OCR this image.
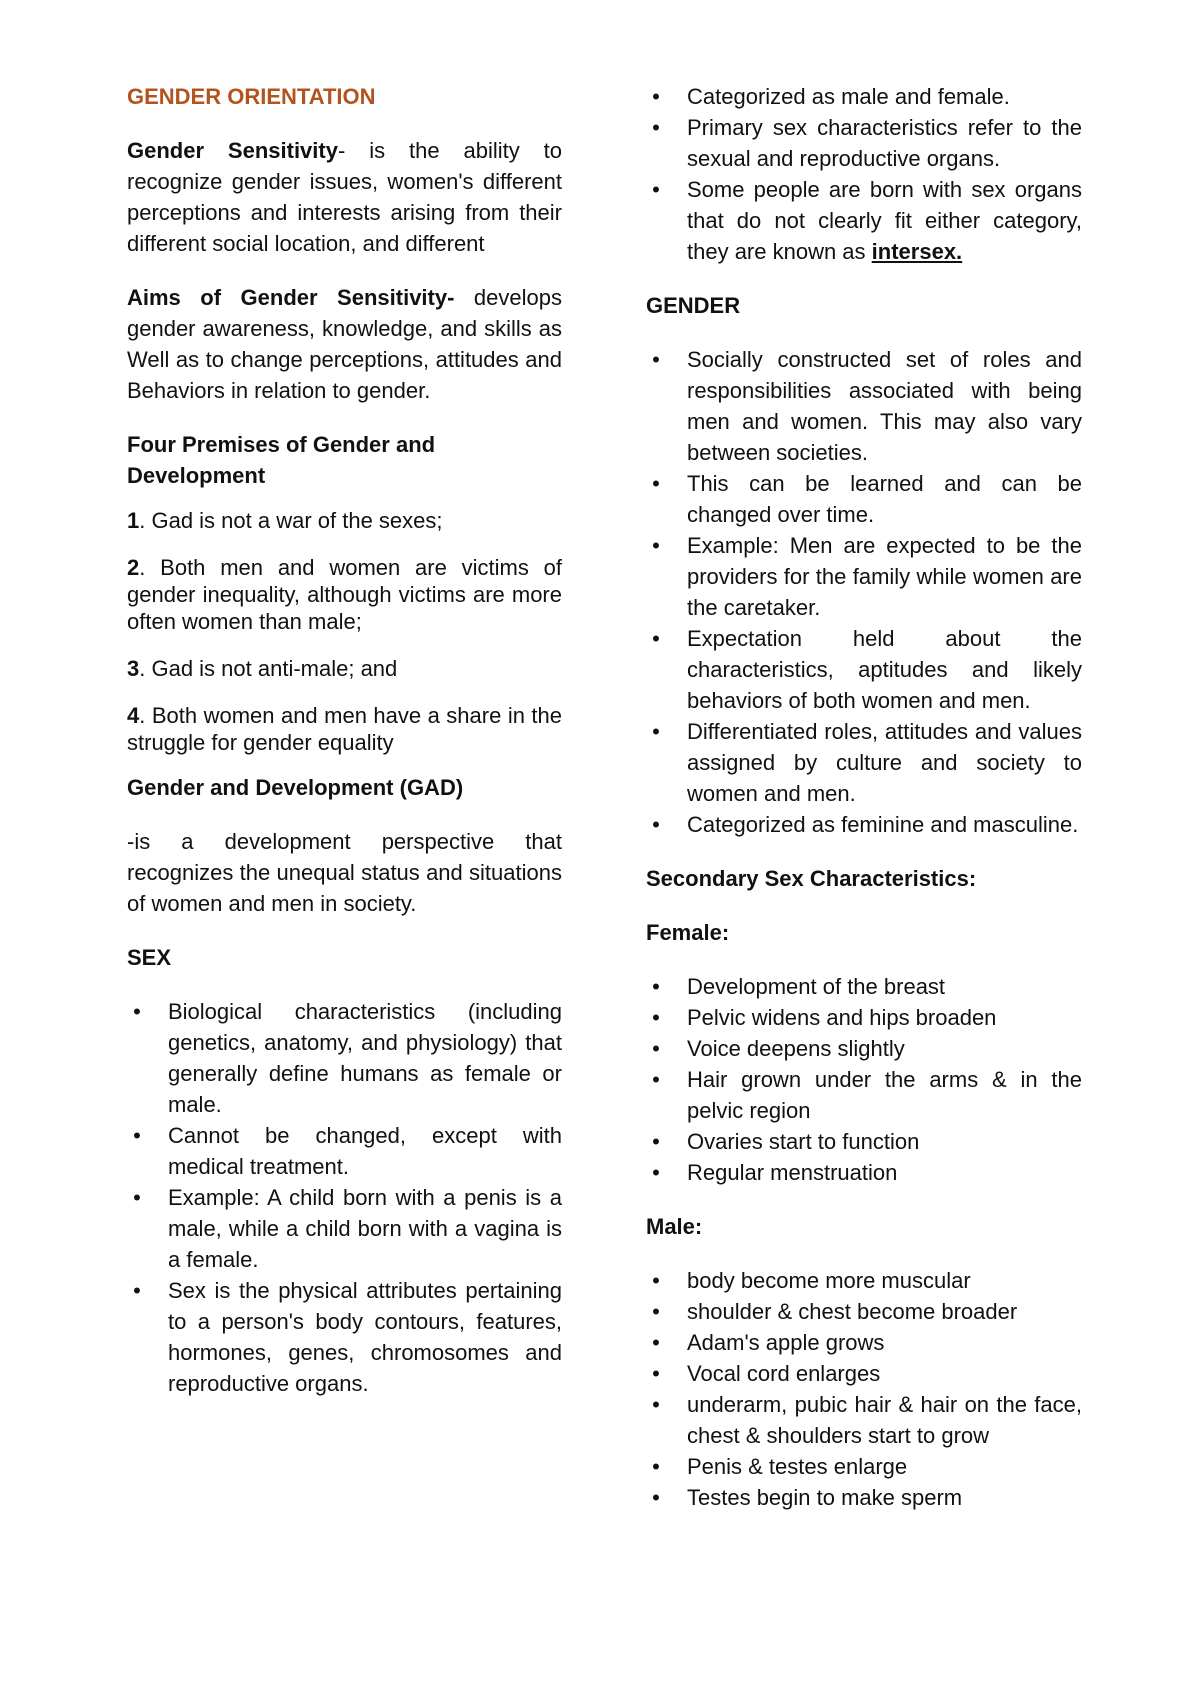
GENDER ORIENTATION

Gender Sensitivity- is the ability to recognize gender issues, women's different perceptions and interests arising from their different social location, and different

Aims of Gender Sensitivity- develops gender awareness, knowledge, and skills as Well as to change perceptions, attitudes and Behaviors in relation to gender.

Four Premises of Gender and
Development

1. Gad is not a war of the sexes;

2. Both men and women are victims of gender inequality, although victims are more often women than male;

3. Gad is not anti-male; and

4. Both women and men have a share in the struggle for gender equality

Gender and Development (GAD)

-is a development perspective that recognizes the unequal status and situations of women and men in society.

SEX

• Biological characteristics (including genetics, anatomy, and physiology) that generally define humans as female or male.
• Cannot be changed, except with medical treatment.
• Example: A child born with a penis is a male, while a child born with a vagina is a female.
• Sex is the physical attributes pertaining to a person's body contours, features, hormones, genes, chromosomes and reproductive organs.
• Categorized as male and female.
• Primary sex characteristics refer to the sexual and reproductive organs.
• Some people are born with sex organs that do not clearly fit either category, they are known as intersex.

GENDER

• Socially constructed set of roles and responsibilities associated with being men and women. This may also vary between societies.
• This can be learned and can be changed over time.
• Example: Men are expected to be the providers for the family while women are the caretaker.
• Expectation held about the characteristics, aptitudes and likely behaviors of both women and men.
• Differentiated roles, attitudes and values assigned by culture and society to women and men.
• Categorized as feminine and masculine.

Secondary Sex Characteristics:

Female:

• Development of the breast
• Pelvic widens and hips broaden
• Voice deepens slightly
• Hair grown under the arms & in the pelvic region
• Ovaries start to function
• Regular menstruation

Male:

• body become more muscular
• shoulder & chest become broader
• Adam's apple grows
• Vocal cord enlarges
• underarm, pubic hair & hair on the face, chest & shoulders start to grow
• Penis & testes enlarge
• Testes begin to make sperm
